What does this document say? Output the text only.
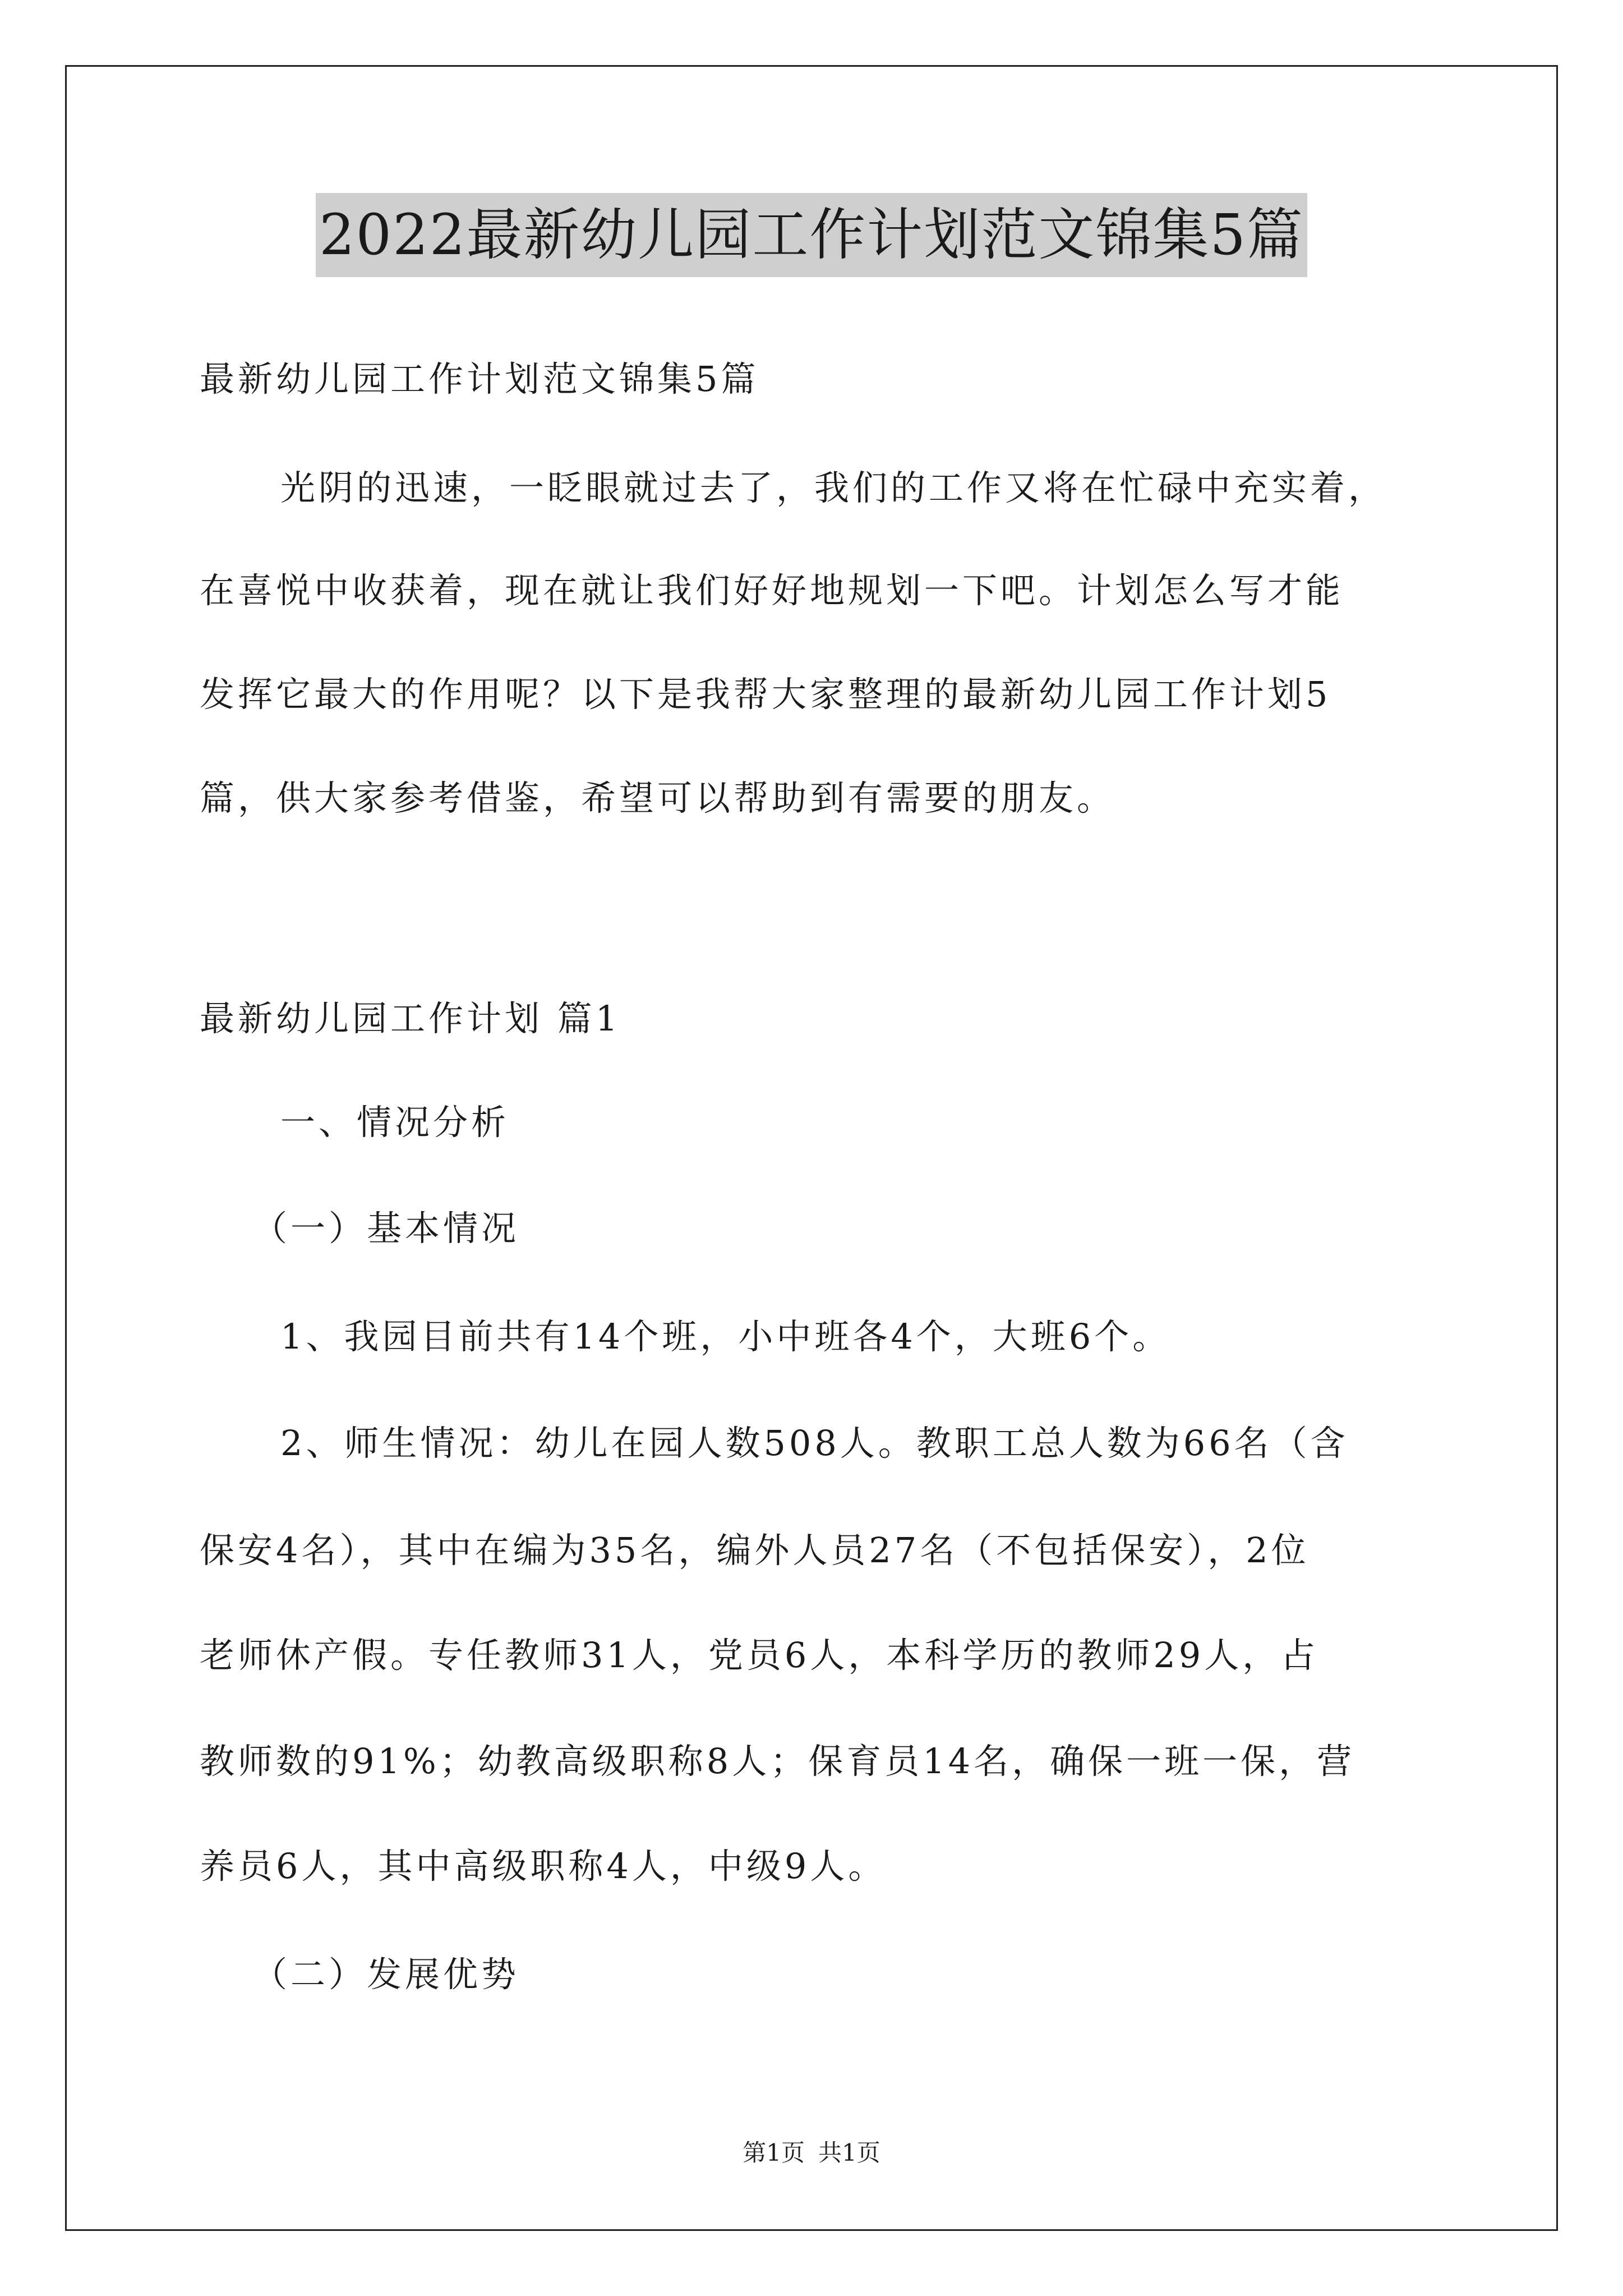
2022最新幼儿园工作计划范文锦集5篇
最新幼儿园工作计划范文锦集5篇
光阴的迅速，一眨眼就过去了，我们的工作又将在忙碌中充实着，
在喜悦中收获着，现在就让我们好好地规划一下吧。计划怎么写才能
发挥它最大的作用呢？以下是我帮大家整理的最新幼儿园工作计划5
篇，供大家参考借鉴，希望可以帮助到有需要的朋友。
最新幼儿园工作计划 篇1
一、情况分析
（一）基本情况
1、我园目前共有14个班，小中班各4个，大班6个。
2、师生情况：幼儿在园人数508人。教职工总人数为66名（含
保安4名），其中在编为35名，编外人员27名（不包括保安），2位
老师休产假。专任教师31人，党员6人，本科学历的教师29人，占
教师数的91%；幼教高级职称8人；保育员14名，确保一班一保，营
养员6人，其中高级职称4人，中级9人。
（二）发展优势
第1页 共1页
